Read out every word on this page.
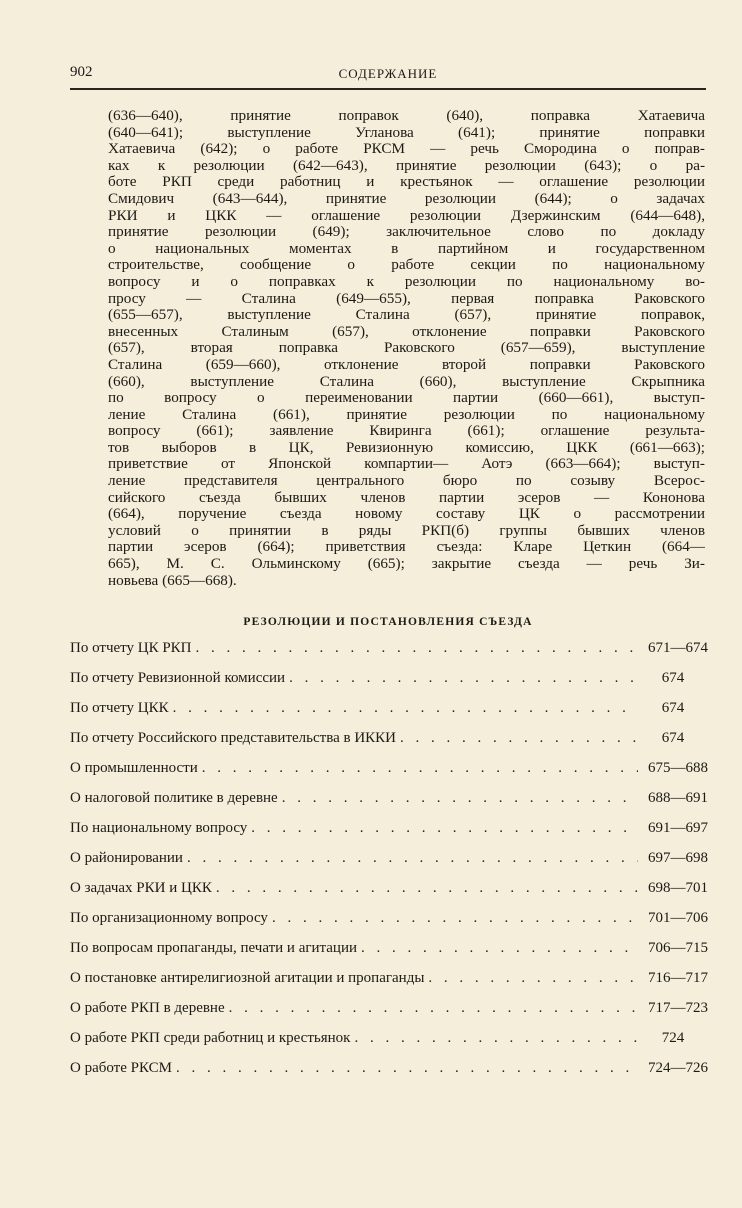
902	СОДЕРЖАНИЕ
(636—640), принятие поправок (640), поправка Хатаевича
(640—641); выступление Угланова (641); принятие поправки
Хатаевича (642); о работе РКСМ — речь Смородина о поправ-
ках к резолюции (642—643), принятие резолюции (643); о ра-
боте РКП среди работниц и крестьянок — оглашение резолюции
Смидович (643—644), принятие резолюции (644); о задачах
РКИ и ЦКК — оглашение резолюции Дзержинским (644—648),
принятие резолюции (649); заключительное слово по докладу
о национальных моментах в партийном и государственном
строительстве, сообщение о работе секции по национальному
вопросу и о поправках к резолюции по национальному во-
просу — Сталина (649—655), первая поправка Раковского
(655—657), выступление Сталина (657), принятие поправок,
внесенных Сталиным (657), отклонение поправки Раковского
(657), вторая поправка Раковского (657—659), выступление
Сталина (659—660), отклонение второй поправки Раковского
(660), выступление Сталина (660), выступление Скрыпника
по вопросу о переименовании партии (660—661), выступ-
ление Сталина (661), принятие резолюции по национальному
вопросу (661); заявление Квиринга (661); оглашение результа-
тов выборов в ЦК, Ревизионную комиссию, ЦКК (661—663);
приветствие от Японской компартии— Аотэ (663—664); выступ-
ление представителя центрального бюро по созыву Всерос-
сийского съезда бывших членов партии эсеров — Кононова
(664), поручение съезда новому составу ЦК о рассмотрении
условий о принятии в ряды РКП(б) группы бывших членов
партии эсеров (664); приветствия съезда: Кларе Цеткин (664—
665), М. С. Ольминскому (665); закрытие съезда — речь Зи-
новьева (665—668).
РЕЗОЛЮЦИИ И ПОСТАНОВЛЕНИЯ СЪЕЗДА
По отчету ЦК РКП . . .	671—674
По отчету Ревизионной комиссии . . .	674
По отчету ЦКК . . .	674
По отчету Российского представительства в ИККИ . . .	674
О промышленности . . .	675—688
О налоговой политике в деревне . . .	688—691
По национальному вопросу . . .	691—697
О районировании . . .	697—698
О задачах РКИ и ЦКК . . .	698—701
По организационному вопросу . . .	701—706
По вопросам пропаганды, печати и агитации . . .	706—715
О постановке антирелигиозной агитации и пропаганды . . .	716—717
О работе РКП в деревне . . .	717—723
О работе РКП среди работниц и крестьянок . . .	724
О работе РКСМ . . .	724—726
